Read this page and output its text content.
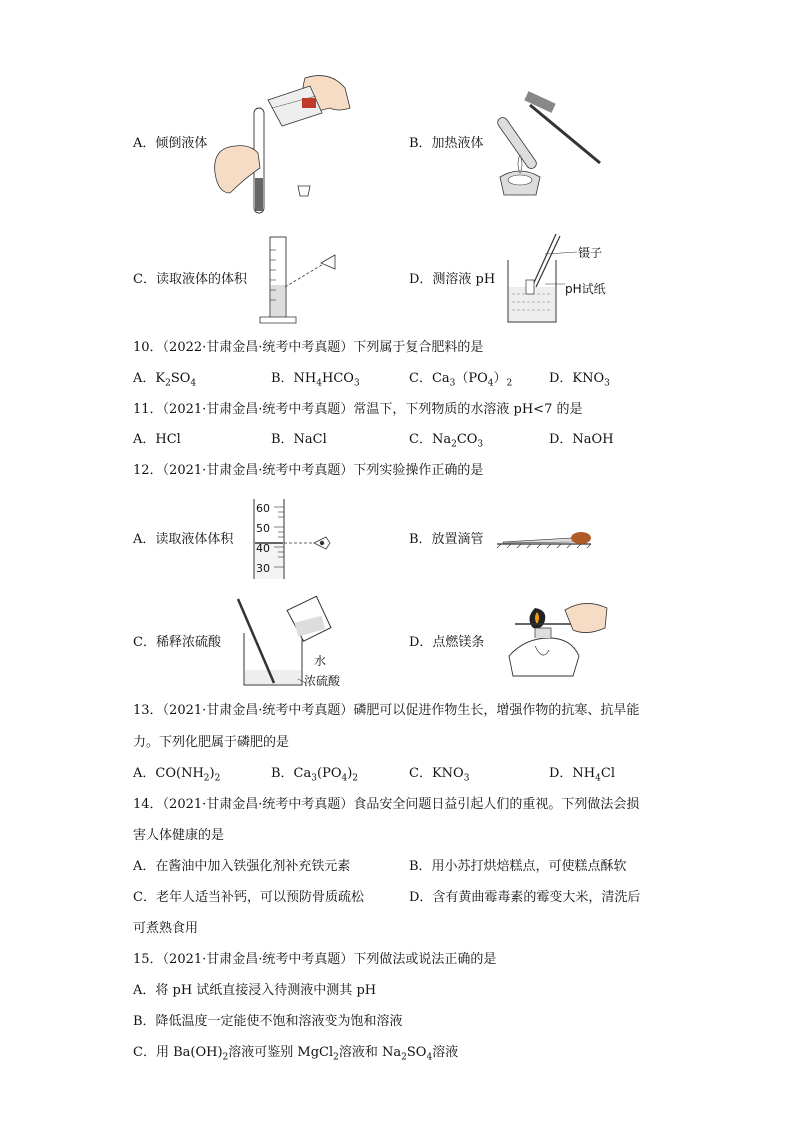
A．倾倒液体	B．加热液体
C．读取液体的体积	D．测溶液 pH
镊子
pH试纸
10．（2022·甘肃金昌·统考中考真题）下列属于复合肥料的是
A．$K_2SO_4$	B．$NH_4HCO_3$	C．$Ca_3(PO_4)_2$	D．$KNO_3$
11．（2021·甘肃金昌·统考中考真题）常温下，下列物质的水溶液 pH<7 的是
A．HCl	B．NaCl	C．$Na_2CO_3$	D．NaOH
12．（2021·甘肃金昌·统考中考真题）下列实验操作正确的是
A．读取液体体积
60
50
40
30
B．放置滴管
C．稀释浓硫酸
水
浓硫酸
D．点燃镁条
13．（2021·甘肃金昌·统考中考真题）磷肥可以促进作物生长，增强作物的抗寒、抗旱能
力。下列化肥属于磷肥的是
A．$CO(NH_2)_2$	B．$Ca_3(PO_4)_2$	C．$KNO_3$	D．$NH_4Cl$
14．（2021·甘肃金昌·统考中考真题）食品安全问题日益引起人们的重视。下列做法会损
害人体健康的是
A．在酱油中加入铁强化剂补充铁元素	B．用小苏打烘焙糕点，可使糕点酥软
C．老年人适当补钙，可以预防骨质疏松	D．含有黄曲霉毒素的霉变大米，清洗后
可煮熟食用
15．（2021·甘肃金昌·统考中考真题）下列做法或说法正确的是
A．将 pH 试纸直接浸入待测液中测其 pH
B．降低温度一定能使不饱和溶液变为饱和溶液
C．用 $Ba(OH)_2$溶液可鉴别 MgCl$_2$溶液和 $Na_2SO_4$溶液
